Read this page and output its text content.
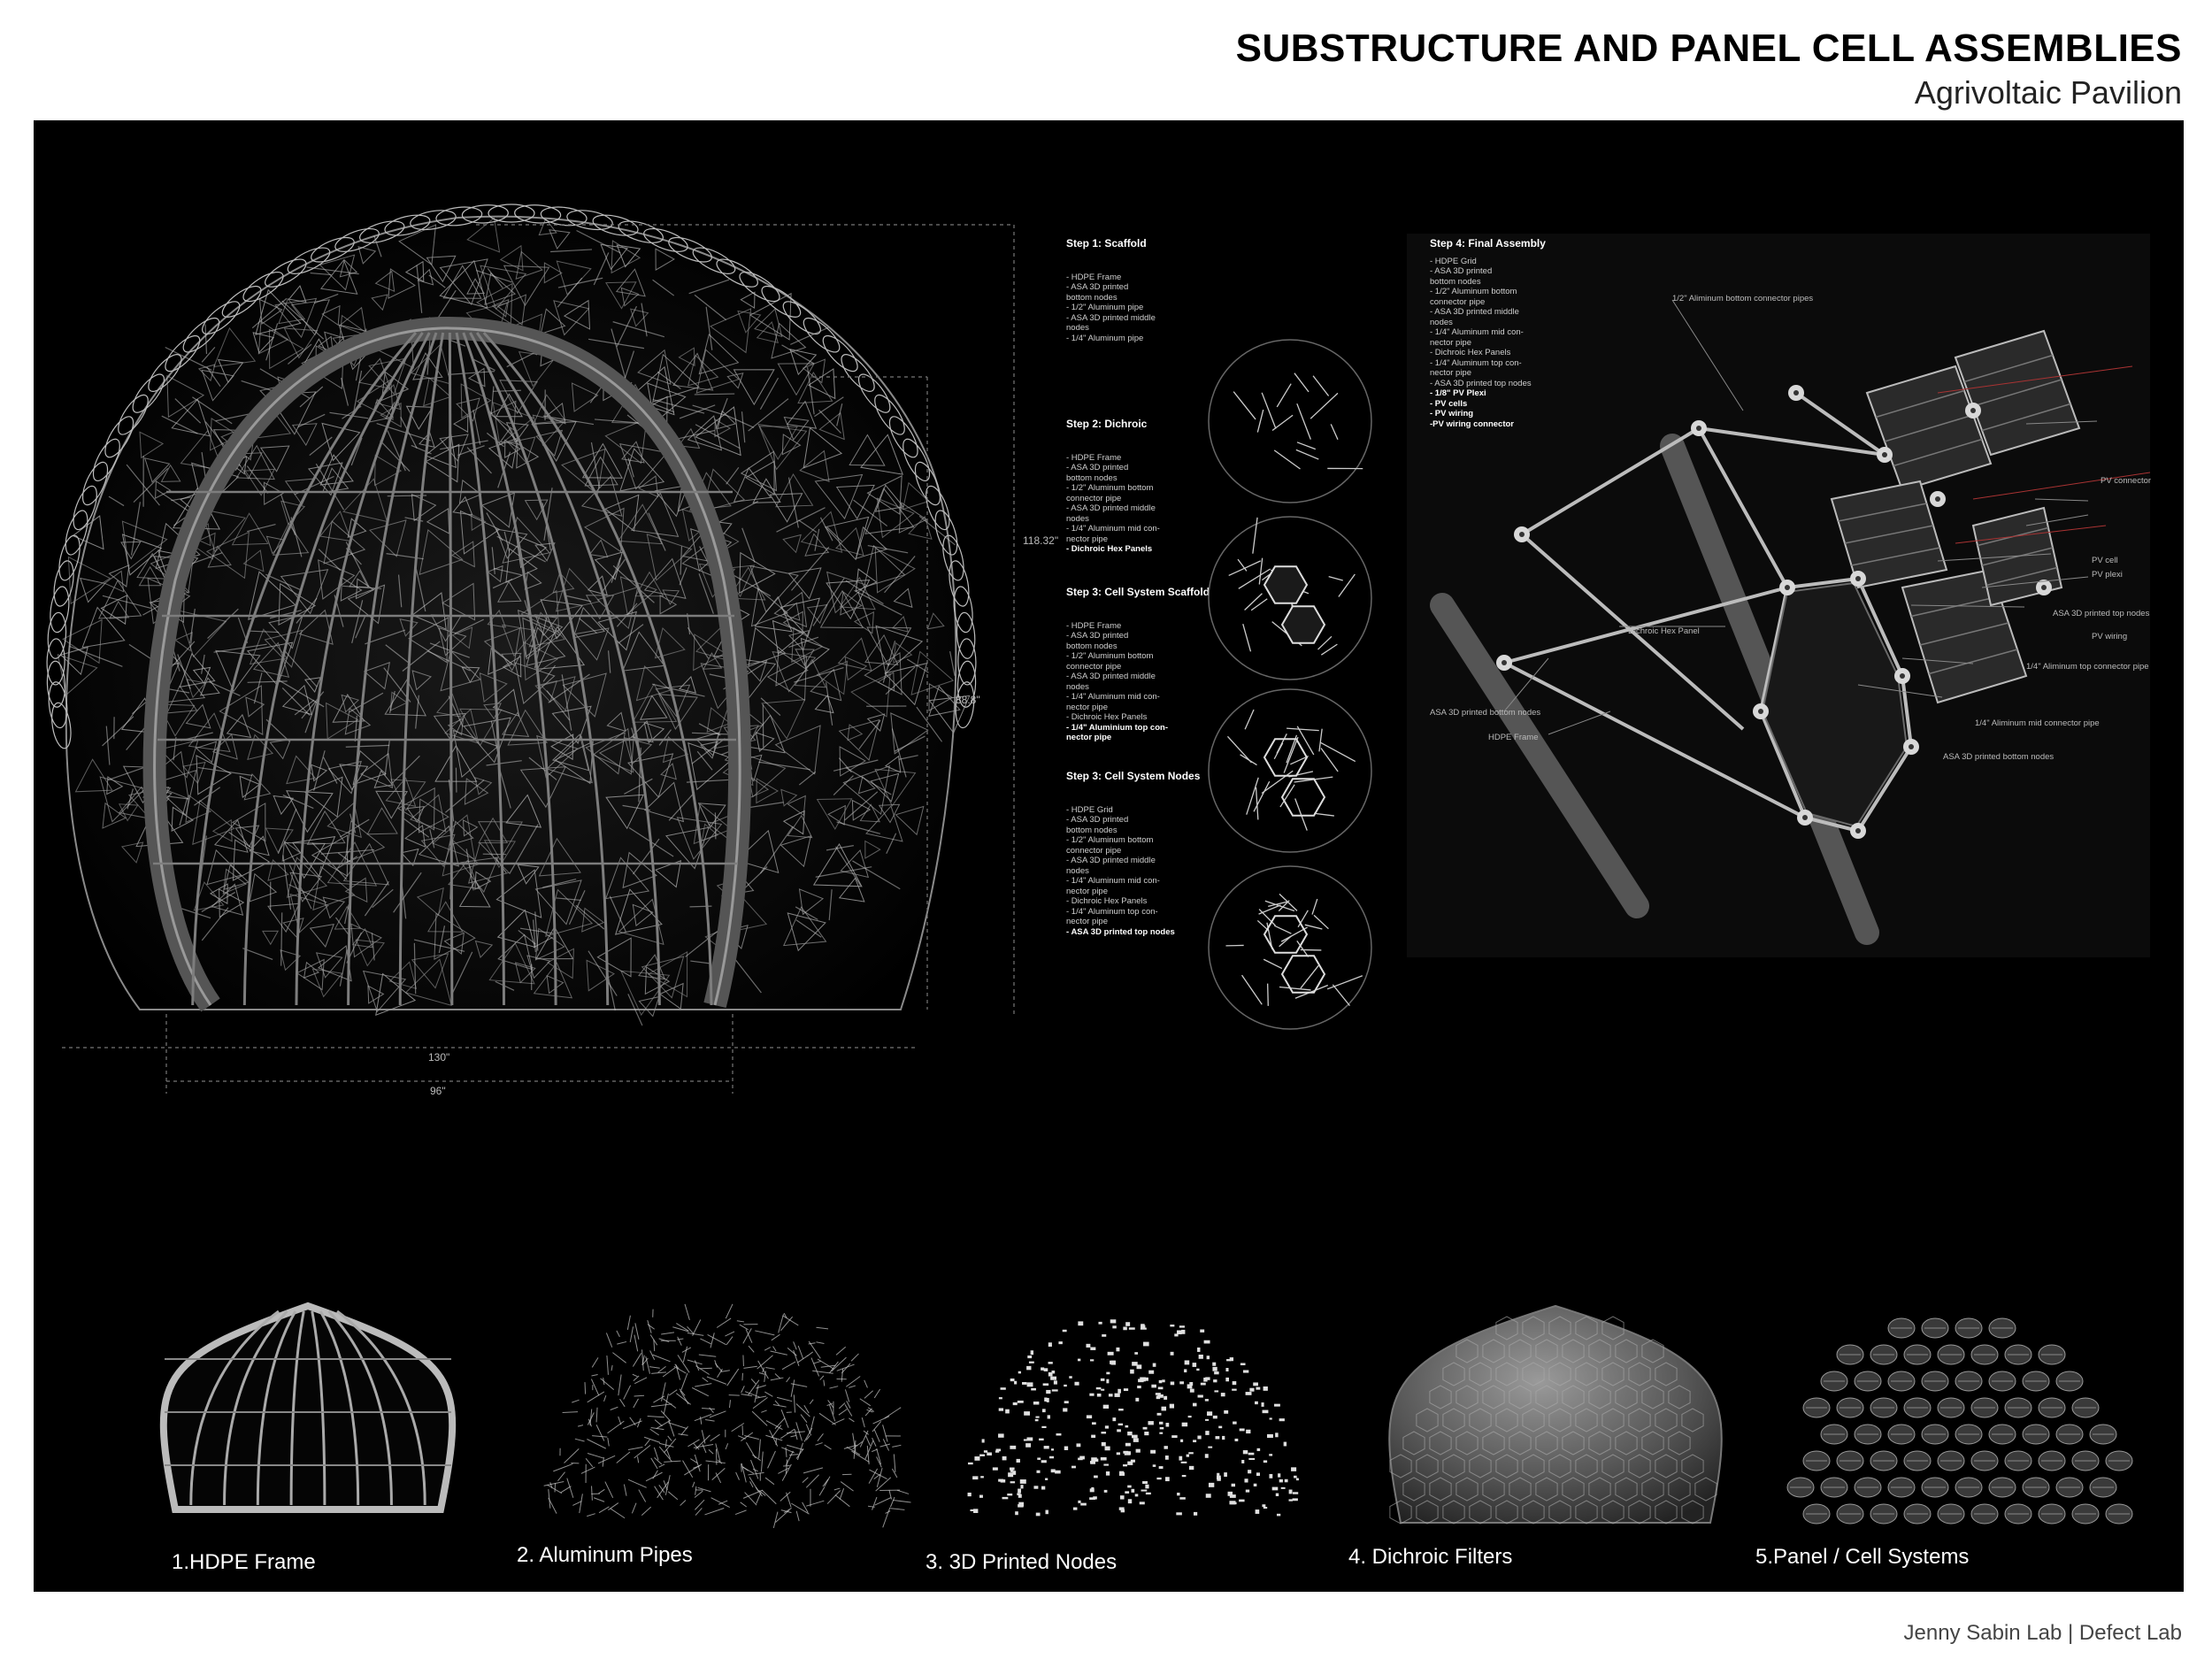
SUBSTRUCTURE AND PANEL CELL ASSEMBLIES
Agrivoltaic Pavilion
118.32"
88.8"
130"
96"
Step 1: Scaffold
- HDPE Frame
- ASA 3D printed
bottom nodes
- 1/2" Aluminum pipe
- ASA 3D printed middle
nodes
- 1/4" Aluminum pipe
Step 2: Dichroic
- HDPE Frame
- ASA 3D printed
bottom nodes
- 1/2" Aluminum bottom
connector pipe
- ASA 3D printed middle
nodes
- 1/4" Aluminum mid con-
nector pipe
- Dichroic Hex Panels
Step 3: Cell System Scaffold
- HDPE Frame
- ASA 3D printed
bottom nodes
- 1/2" Aluminum bottom
connector pipe
- ASA 3D printed middle
nodes
- 1/4" Aluminum mid con-
nector pipe
- Dichroic Hex Panels
- 1/4" Aluminium top con-
nector pipe
Step 3: Cell System Nodes
- HDPE Grid
- ASA 3D printed
bottom nodes
- 1/2" Aluminum bottom
connector pipe
- ASA 3D printed middle
nodes
- 1/4" Aluminum mid con-
nector pipe
- Dichroic Hex Panels
- 1/4" Aluminum top con-
nector pipe
- ASA 3D printed top nodes
Step 4: Final Assembly
- HDPE Grid
- ASA 3D printed
bottom nodes
- 1/2" Aluminum bottom
connector pipe
- ASA 3D printed middle
nodes
- 1/4" Aluminum mid con-
nector pipe
- Dichroic Hex Panels
- 1/4" Aluminum top con-
nector pipe
- ASA 3D printed top nodes
- 1/8" PV Plexi
- PV cells
- PV wiring
-PV wiring connector
1/2" Aliminum bottom connector pipes
PV connector
PV cell
PV plexi
ASA 3D printed top nodes
PV wiring
1/4" Aliminum top connector pipe
1/4" Aliminum mid connector pipe
ASA 3D printed bottom nodes
Dichroic Hex Panel
ASA 3D printed bottom nodes
HDPE Frame
1.HDPE Frame	2. Aluminum Pipes	3. 3D Printed Nodes	4. Dichroic Filters	5.Panel / Cell Systems
Jenny Sabin Lab | Defect Lab
